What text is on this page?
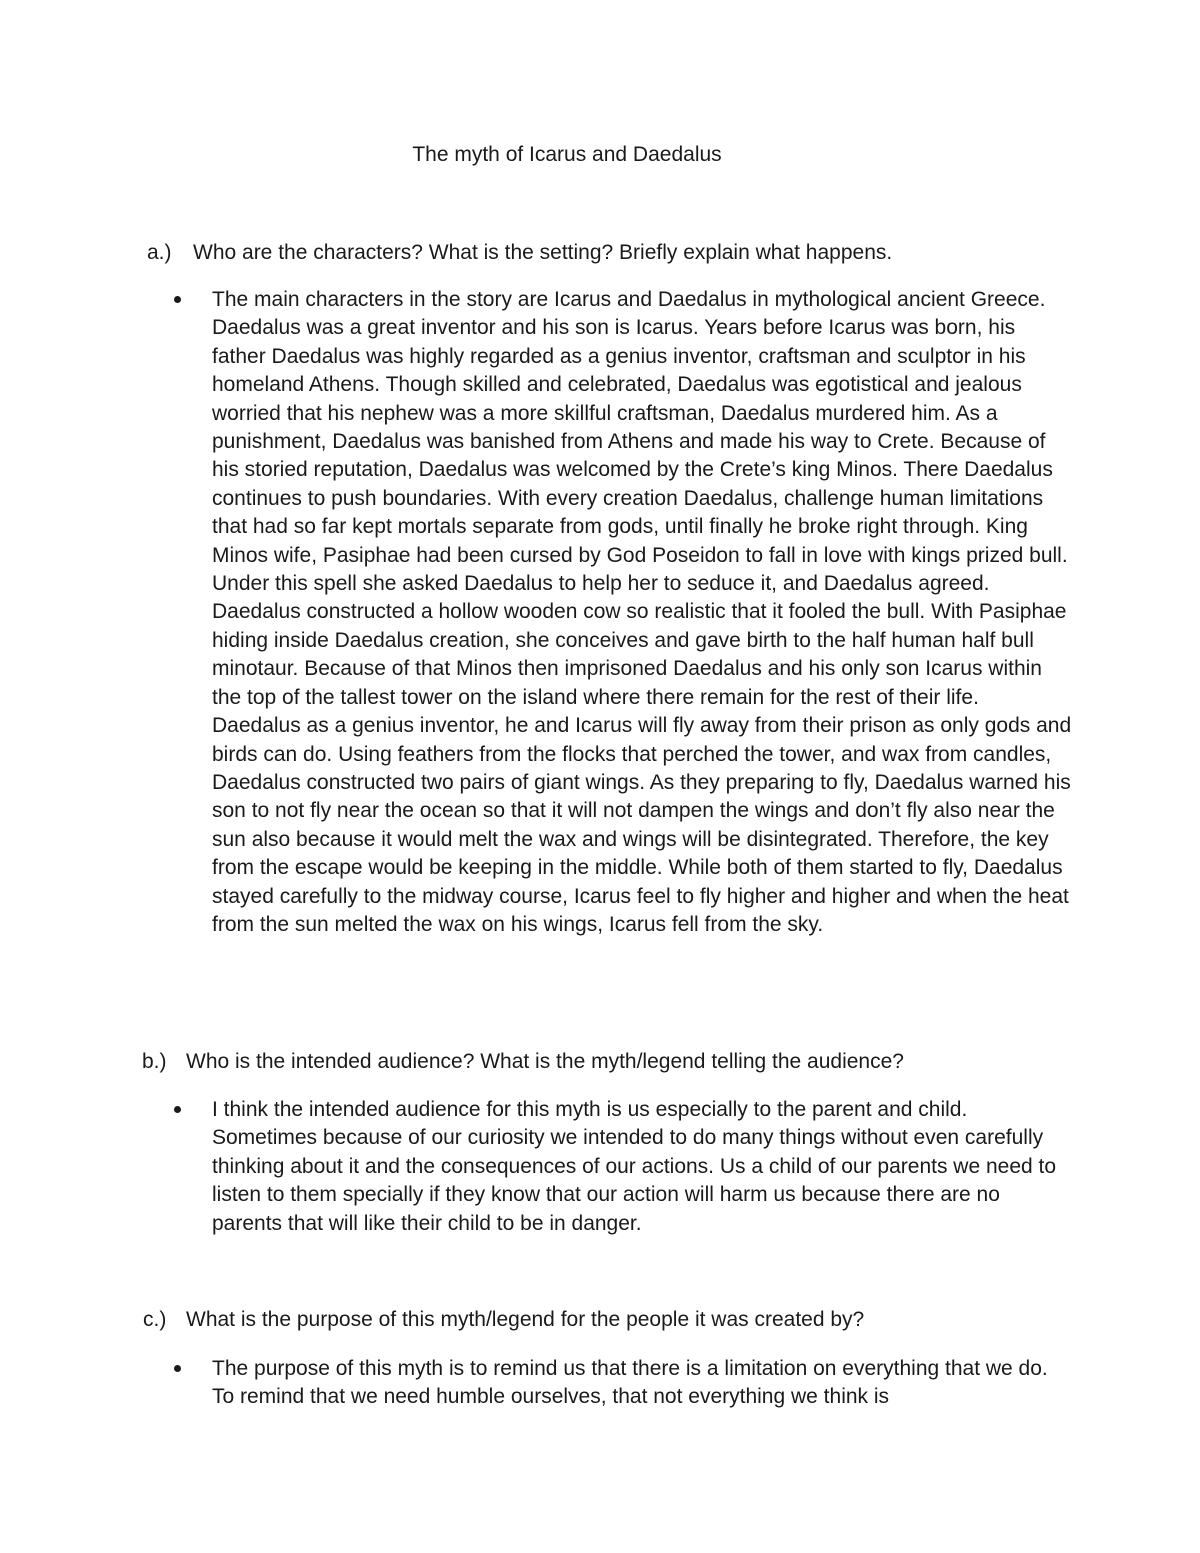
The myth of Icarus and Daedalus
a.) Who are the characters? What is the setting? Briefly explain what happens.
The main characters in the story are Icarus and Daedalus in mythological ancient Greece. Daedalus was a great inventor and his son is Icarus. Years before Icarus was born, his father Daedalus was highly regarded as a genius inventor, craftsman and sculptor in his homeland Athens. Though skilled and celebrated, Daedalus was egotistical and jealous worried that his nephew was a more skillful craftsman, Daedalus murdered him. As a punishment, Daedalus was banished from Athens and made his way to Crete. Because of his storied reputation, Daedalus was welcomed by the Crete’s king Minos. There Daedalus continues to push boundaries. With every creation Daedalus, challenge human limitations that had so far kept mortals separate from gods, until finally he broke right through. King Minos wife, Pasiphae had been cursed by God Poseidon to fall in love with kings prized bull. Under this spell she asked Daedalus to help her to seduce it, and Daedalus agreed. Daedalus constructed a hollow wooden cow so realistic that it fooled the bull. With Pasiphae hiding inside Daedalus creation, she conceives and gave birth to the half human half bull minotaur. Because of that Minos then imprisoned Daedalus and his only son Icarus within the top of the tallest tower on the island where there remain for the rest of their life. Daedalus as a genius inventor, he and Icarus will fly away from their prison as only gods and birds can do. Using feathers from the flocks that perched the tower, and wax from candles, Daedalus constructed two pairs of giant wings. As they preparing to fly, Daedalus warned his son to not fly near the ocean so that it will not dampen the wings and don’t fly also near the sun also because it would melt the wax and wings will be disintegrated. Therefore, the key from the escape would be keeping in the middle. While both of them started to fly, Daedalus stayed carefully to the midway course, Icarus feel to fly higher and higher and when the heat from the sun melted the wax on his wings, Icarus fell from the sky.
b.) Who is the intended audience? What is the myth/legend telling the audience?
I think the intended audience for this myth is us especially to the parent and child. Sometimes because of our curiosity we intended to do many things without even carefully thinking about it and the consequences of our actions. Us a child of our parents we need to listen to them specially if they know that our action will harm us because there are no parents that will like their child to be in danger.
c.) What is the purpose of this myth/legend for the people it was created by?
The purpose of this myth is to remind us that there is a limitation on everything that we do. To remind that we need humble ourselves, that not everything we think is
